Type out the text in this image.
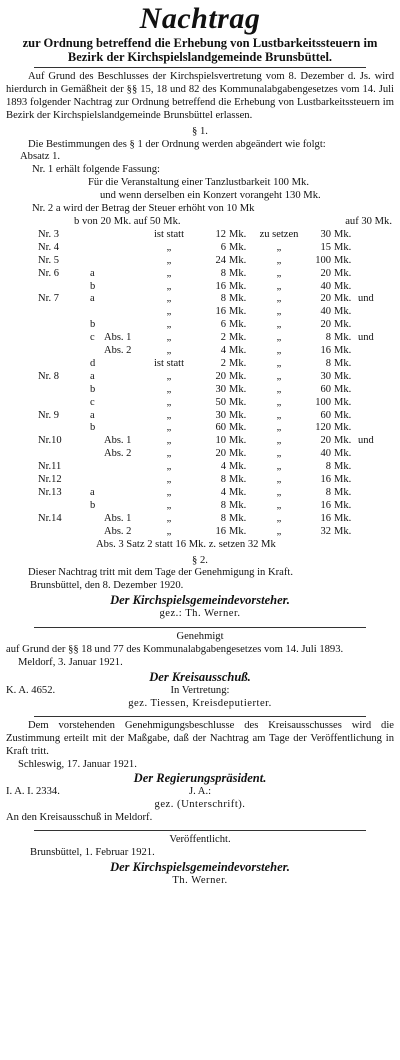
Nachtrag
zur Ordnung betreffend die Erhebung von Lustbarkeitssteuern im Bezirk der Kirchspielslandgemeinde Brunsbüttel.
Auf Grund des Beschlusses der Kirchspielsvertretung vom 8. Dezember d. Js. wird hierdurch in Gemäßheit der §§ 15, 18 und 82 des Kommunalabgabengesetzes vom 14. Juli 1893 folgender Nachtrag zur Ordnung betreffend die Erhebung von Lustbarkeitssteuern im Bezirk der Kirchspielslandgemeinde Brunsbüttel erlassen.
§ 1.
Die Bestimmungen des § 1 der Ordnung werden abgeändert wie folgt:
Absatz 1.
Nr. 1 erhält folgende Fassung:
Für die Veranstaltung einer Tanzlustbarkeit 100 Mk.
und wenn derselben ein Konzert vorangeht 130 Mk.
Nr. 2 a wird der Betrag der Steuer erhöht von 10 Mk
b von 20 Mk. auf 50 Mk.	auf 30 Mk.
Nr. 3			ist statt	12	Mk.	zu setzen	30	Mk.	
Nr. 4			„	6	Mk.	„	15	Mk.	
Nr. 5			„	24	Mk.	„	100	Mk.	
Nr. 6	a		„	8	Mk.	„	20	Mk.	
	b		„	16	Mk.	„	40	Mk.	
Nr. 7	a		„	8	Mk.	„	20	Mk.	und
			„	16	Mk.	„	40	Mk.	
	b		„	6	Mk.	„	20	Mk.	
	c	Abs. 1	„	2	Mk.	„	8	Mk.	und
		Abs. 2	„	4	Mk.	„	16	Mk.	
	d		ist statt	2	Mk.	„	8	Mk.	
Nr. 8	a		„	20	Mk.	„	30	Mk.	
	b		„	30	Mk.	„	60	Mk.	
	c		„	50	Mk.	„	100	Mk.	
Nr. 9	a		„	30	Mk.	„	60	Mk.	
	b		„	60	Mk.	„	120	Mk.	
Nr.10		Abs. 1	„	10	Mk.	„	20	Mk.	und
		Abs. 2	„	20	Mk.	„	40	Mk.	
Nr.11			„	4	Mk.	„	8	Mk.	
Nr.12			„	8	Mk.	„	16	Mk.	
Nr.13	a		„	4	Mk.	„	8	Mk.	
	b		„	8	Mk.	„	16	Mk.	
Nr.14		Abs. 1	„	8	Mk.	„	16	Mk.	
		Abs. 2	„	16	Mk.	„	32	Mk.	
Abs. 3 Satz 2 statt 16 Mk. z. setzen 32 Mk
§ 2.
Dieser Nachtrag tritt mit dem Tage der Genehmigung in Kraft.
Brunsbüttel, den 8. Dezember 1920.
Der Kirchspielsgemeindevorsteher.
gez.: Th. Werner.
Genehmigt
auf Grund der §§ 18 und 77 des Kommunalabgabengesetzes vom 14. Juli 1893.
Meldorf, 3. Januar 1921.
Der Kreisausschuß.
K. A. 4652.	In Vertretung:
gez. Tiessen, Kreisdeputierter.
Dem vorstehenden Genehmigungsbeschlusse des Kreisausschusses wird die Zustimmung erteilt mit der Maßgabe, daß der Nachtrag am Tage der Veröffentlichung in Kraft tritt.
Schleswig, 17. Januar 1921.
Der Regierungspräsident.
I. A. I. 2334.	J. A.:
gez. (Unterschrift).
An den Kreisausschuß in Meldorf.
Veröffentlicht.
Brunsbüttel, 1. Februar 1921.
Der Kirchspielsgemeindevorsteher.
Th. Werner.
